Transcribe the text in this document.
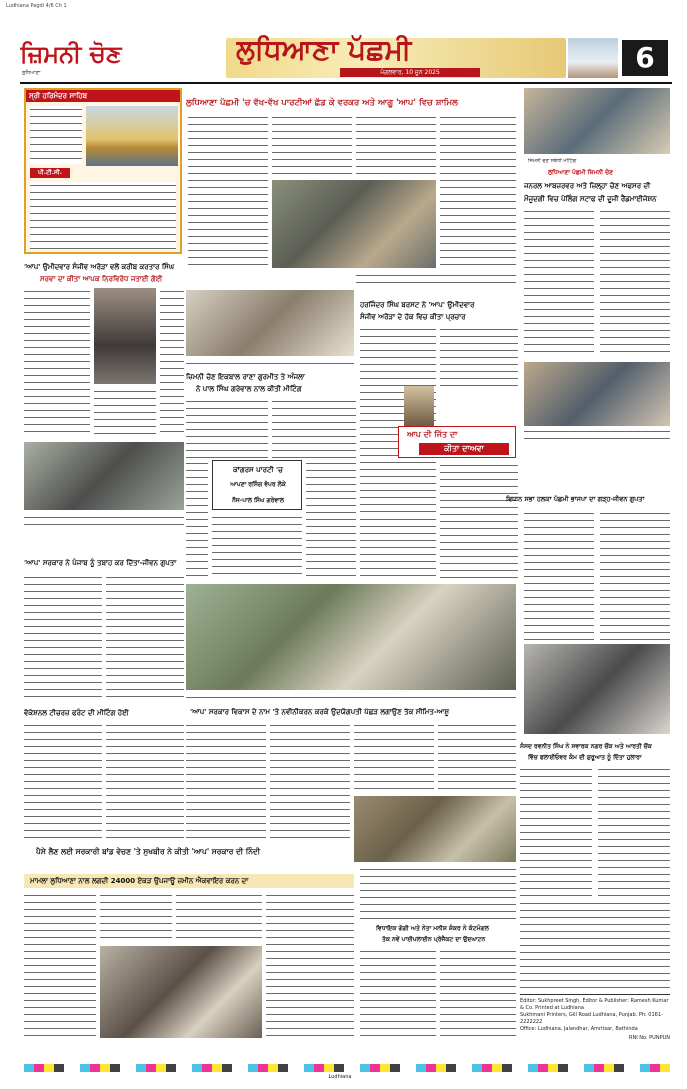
Ludhiana Pagdi 4/6 Ch 1
ਜ਼ਿਮਨੀ ਚੋਣ
ਲੁਧਿਆਣਾ
ਲੁਧਿਆਣਾ ਪੱਛਮੀ
ਮੰਗਲਵਾਰ, 10 ਜੂਨ 2025	6
ਸ੍ਰੀ ਹਰਿਮੰਦਰ ਸਾਹਿਬ
ਪੀ.ਟੀ.ਸੀ.
ਲੁਧਿਆਣਾ ਪੱਛਮੀ 'ਚ ਵੱਖ-ਵੱਖ ਪਾਰਟੀਆਂ ਛੱਡ ਕੇ ਵਰਕਰ ਅਤੇ ਆਗੂ 'ਆਪ' ਵਿਚ ਸ਼ਾਮਿਲ
ਜ਼ਿਮਨੀ ਚੋਣ ਸਬੰਧੀ ਮੀਟਿੰਗ
ਲੁਧਿਆਣਾ ਪੱਛਮੀ ਜ਼ਿਮਨੀ ਚੋਣ
ਜਨਰਲ ਆਬਜ਼ਰਵਰ ਅਤੇ ਜ਼ਿਲ੍ਹਾ ਚੋਣ ਅਫਸਰ ਦੀ
ਮੌਜੂਦਗੀ ਵਿਚ ਪੋਲਿੰਗ ਸਟਾਫ ਦੀ ਦੂਜੀ ਰੈਂਡਮਾਈਜੇਸ਼ਨ
'ਆਪ' ਉਮੀਦਵਾਰ ਸੰਜੀਵ ਅਰੋੜਾ ਵਲੋਂ ਕਰੀਬ ਕਰਤਾਰ ਸਿੰਘ
ਸਰਵਾ ਦਾ ਕੀਤਾ ਆਪਕ ਨਿਰਵਿਰੋਧ ਜਤਾਈ ਗੋਈ
ਹਰਜਿੰਦਰ ਸਿੰਘ ਬਰਸਟ ਨੇ 'ਆਪ' ਉਮੀਦਵਾਰ
ਸੰਜੀਵ ਅਰੋੜਾ ਦੇ ਹੱਕ ਵਿਚ ਕੀਤਾ ਪ੍ਰਚਾਰ
ਆਪ ਦੀ ਜਿੱਤ ਦਾ
ਕੀਤਾ ਦਾਅਵਾ
ਜ਼ਿਮਨੀ ਚੋਣ ਇਕਬਾਲ ਰਾਣਾ ਗੁਰਮੀਤ ਤੇ ਅੰਜਲਾ
ਨੇ ਪਾਲ ਸਿੰਘ ਗਰੇਵਾਲ ਨਾਲ ਕੀਤੀ ਮੀਟਿੰਗ
ਕਾਂਗਰਸ ਪਾਰਟੀ 'ਚ
ਆਪਣਾ ਰਸਿੰਗ ਵੋਪਰ ਲੋਕੇ
ਨੌਜ-ਪਾਲ ਸਿੰਘ ਗਰੇਵਾਲ
'ਆਪ' ਸਰਕਾਰ ਨੇ ਪੰਜਾਬ ਨੂੰ ਤਬਾਹ ਕਰ ਦਿੱਤਾ-ਜੀਵਨ ਗੁਪਤਾ
ਵਿਧਾਨ ਸਭਾ ਹਲਕਾ ਪੱਛਮੀ ਭਾਜਪਾ ਦਾ ਗੜ੍ਹ-ਜੀਵਨ ਗੁਪਤਾ
ਸੰਸਦ ਰਵਨੀਤ ਸਿੰਘ ਨੇ ਸਵਾਰਕ ਨਗਰ ਚੌਂਕ ਅਤੇ ਆਰਤੀ ਚੌਂਕ
ਵਿੱਚ ਫਲਾਈਓਵਰ ਕੰਮ ਦੀ ਸ਼ੁਰੂਆਤ ਨੂੰ ਦਿੱਤਾ ਹੁਲਾਰਾ
ਵੋਕੇਸ਼ਨਲ ਟੀਚਰਜ਼ ਫਰੰਟ ਦੀ ਮੀਟਿੰਗ ਹੋਈ	'ਆਪ' ਸਰਕਾਰ ਵਿਕਾਸ ਦੇ ਨਾਮ 'ਤੇ ਨਵੀਨੀਕਰਨ ਕਰਕੇ ਉਦਯੋਗਪਤੀ ਪੱਛੜ ਲਗਾਉਣ ਤੱਕ ਸੀਮਿਤ-ਆਸ਼ੂ
ਪੈਸੇ ਲੈਣ ਲਈ ਸਰਕਾਰੀ ਬਾਂਡ ਵੇਚਣ 'ਤੇ ਸੁਖਬੀਰ ਨੇ ਕੀਤੀ 'ਆਪ' ਸਰਕਾਰ ਦੀ ਨਿੰਦੀ
ਮਾਮਲਾ ਲੁਧਿਆਣਾ ਨਾਲ ਲਗਦੀ 24000 ਏਕੜ ਉਪਜਾਊ ਜ਼ਮੀਨ ਐਕਵਾਇਰ ਕਰਨ ਦਾ
ਵਿਧਾਇਕ ਗੋਗੀ ਅਤੇ ਨੇਤਾ ਮਨੀਸ਼ ਸ਼ੰਕਰ ਨੇ ਕੋਟਮੰਗਲ
ਤੱਕ ਨਵੇਂ ਪਾਈਪਲਾਈਨ ਪ੍ਰੋਜੈਕਟ ਦਾ ਉਦਘਾਟਨ
Editor: Sukhpreet Singh, Editor & Publisher: Ramesh Kumar & Co. Printed at Ludhiana
Sukhmani Printers, Gill Road Ludhiana, Punjab. Ph: 0161-2222222
Office: Ludhiana, Jalandhar, Amritsar, Bathinda
RNI No. PUNPUN
Ludhiana
